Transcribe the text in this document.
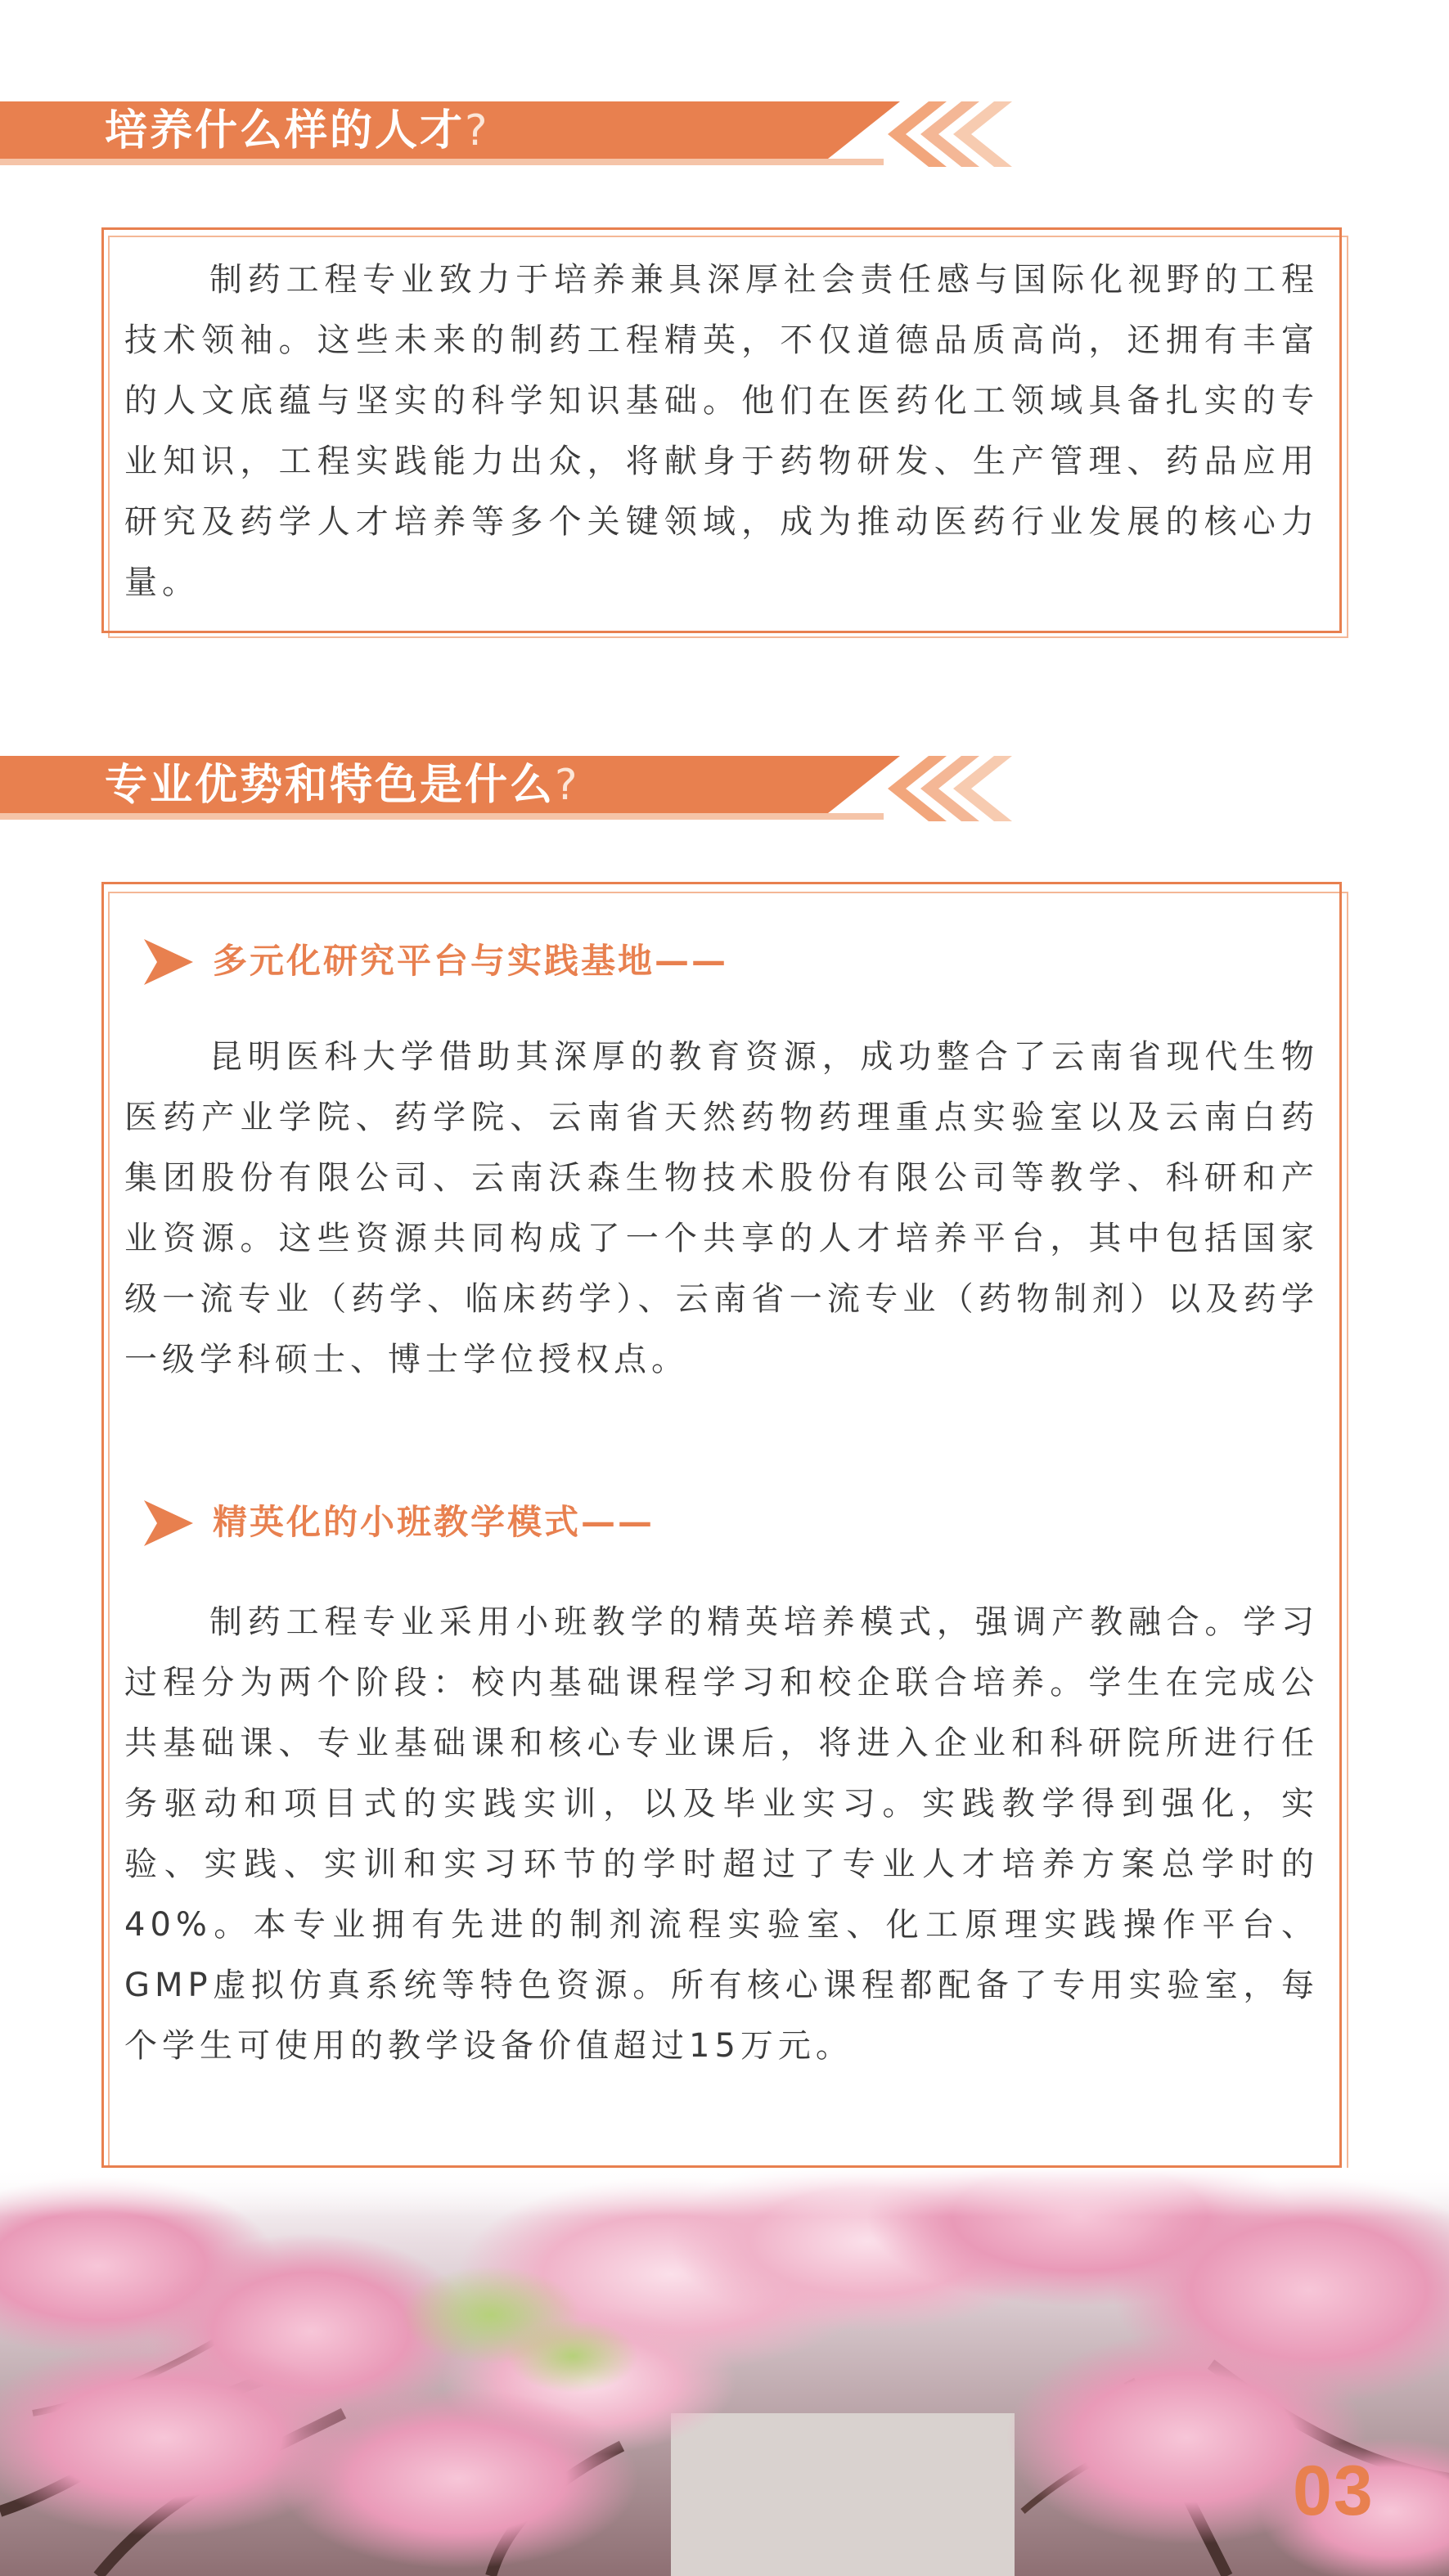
培养什么样的人才?

制药工程专业致力于培养兼具深厚社会责任感与国际化视野的工程技术领袖。这些未来的制药工程精英，不仅道德品质高尚，还拥有丰富的人文底蕴与坚实的科学知识基础。他们在医药化工领域具备扎实的专业知识，工程实践能力出众，将献身于药物研发、生产管理、药品应用研究及药学人才培养等多个关键领域，成为推动医药行业发展的核心力量。

专业优势和特色是什么?
多元化研究平台与实践基地——

昆明医科大学借助其深厚的教育资源，成功整合了云南省现代生物医药产业学院、药学院、云南省天然药物药理重点实验室以及云南白药集团股份有限公司、云南沃森生物技术股份有限公司等教学、科研和产业资源。这些资源共同构成了一个共享的人才培养平台，其中包括国家级一流专业（药学、临床药学）、云南省一流专业（药物制剂）以及药学一级学科硕士、博士学位授权点。

精英化的小班教学模式——

制药工程专业采用小班教学的精英培养模式，强调产教融合。学习过程分为两个阶段：校内基础课程学习和校企联合培养。学生在完成公共基础课、专业基础课和核心专业课后，将进入企业和科研院所进行任务驱动和项目式的实践实训，以及毕业实习。实践教学得到强化，实验、实践、实训和实习环节的学时超过了专业人才培养方案总学时的40%。本专业拥有先进的制剂流程实验室、化工原理实践操作平台、GMP虚拟仿真系统等特色资源。所有核心课程都配备了专用实验室，每个学生可使用的教学设备价值超过15万元。

03
